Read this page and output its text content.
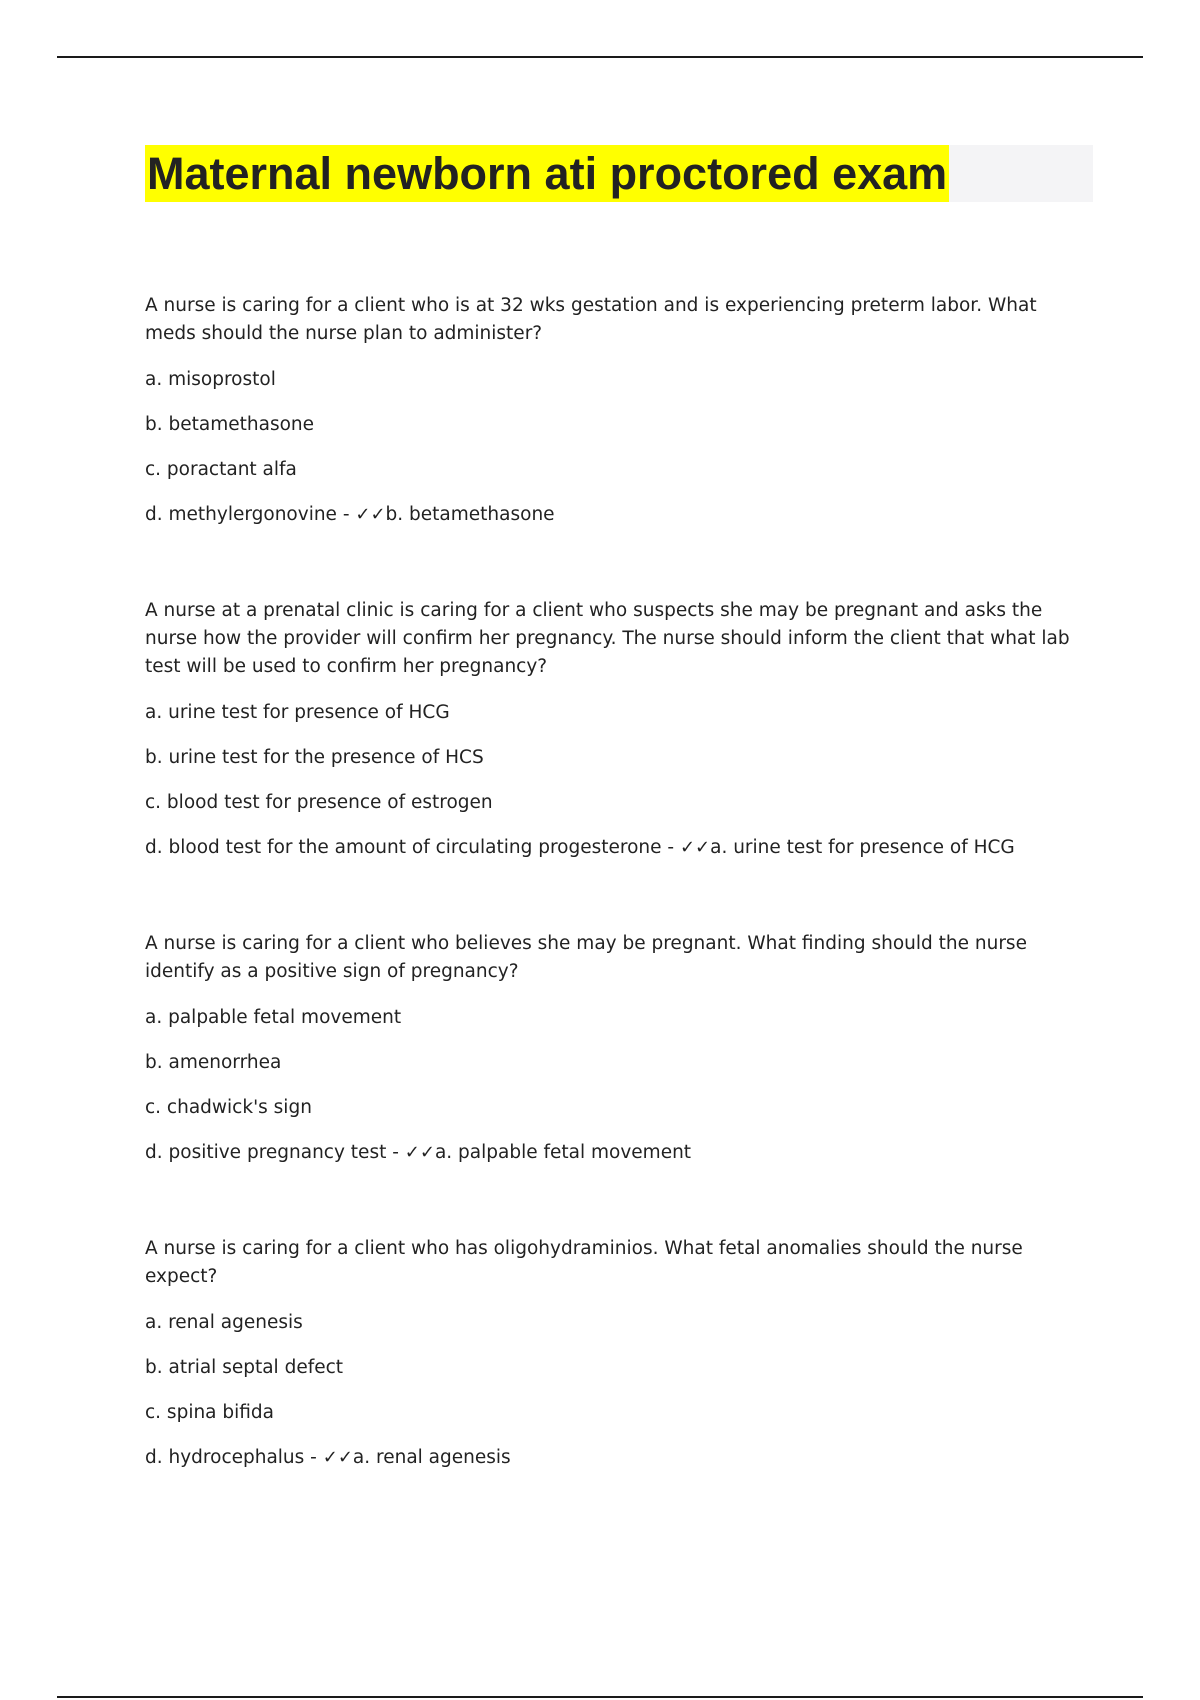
Maternal newborn ati proctored exam

A nurse is caring for a client who is at 32 wks gestation and is experiencing preterm labor. What meds should the nurse plan to administer?

a. misoprostol
b. betamethasone
c. poractant alfa
d. methylergonovine - ✓✓b. betamethasone

A nurse at a prenatal clinic is caring for a client who suspects she may be pregnant and asks the nurse how the provider will confirm her pregnancy. The nurse should inform the client that what lab test will be used to confirm her pregnancy?

a. urine test for presence of HCG
b. urine test for the presence of HCS
c. blood test for presence of estrogen
d. blood test for the amount of circulating progesterone - ✓✓a. urine test for presence of HCG

A nurse is caring for a client who believes she may be pregnant. What finding should the nurse identify as a positive sign of pregnancy?

a. palpable fetal movement
b. amenorrhea
c. chadwick's sign
d. positive pregnancy test - ✓✓a. palpable fetal movement

A nurse is caring for a client who has oligohydraminios. What fetal anomalies should the nurse expect?

a. renal agenesis
b. atrial septal defect
c. spina bifida
d. hydrocephalus - ✓✓a. renal agenesis
